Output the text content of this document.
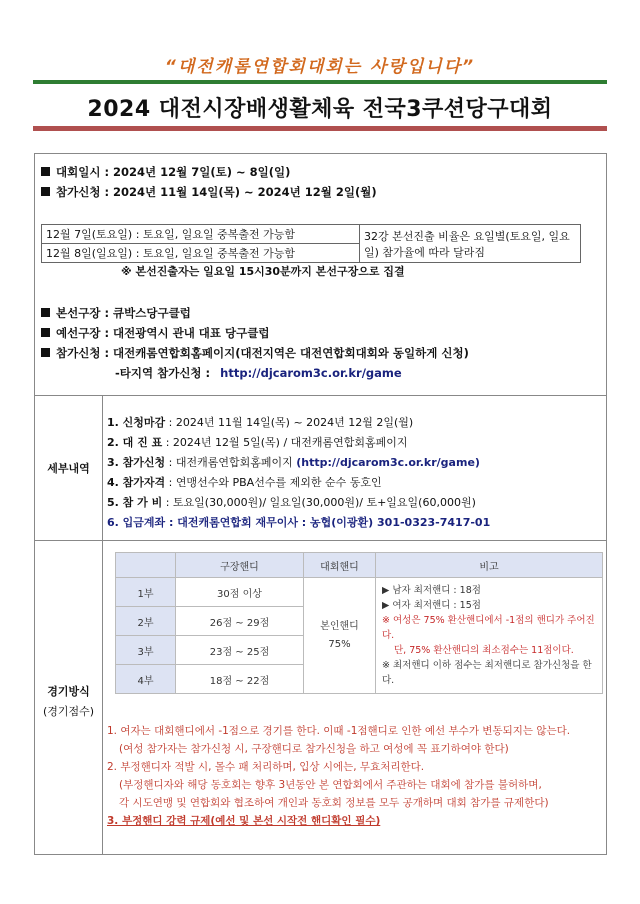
“대전캐롬연합회대회는 사랑입니다”
2024 대전시장배생활체육 전국3쿠션당구대회
대회일시 : 2024년 12월 7일(토) ~ 8일(일)
참가신청 : 2024년 11월 14일(목) ~ 2024년 12월 2일(월)
12월 7일(토요일) : 토요일, 일요일 중복출전 가능함	32강 본선진출 비율은 요일별(토요일, 일요일) 참가율에 따라 달라짐
12월 8일(일요일) : 토요일, 일요일 중복출전 가능함
※ 본선진출자는 일요일 15시30분까지 본선구장으로 집결
본선구장 : 큐박스당구클럽
예선구장 : 대전광역시 관내 대표 당구클럽
참가신청 : 대전캐롬연합회홈페이지(대전지역은 대전연합회대회와 동일하게 신청)
-타지역 참가신청 : http://djcarom3c.or.kr/game
세부내역
1. 신청마감 : 2024년 11월 14일(목) ~ 2024년 12월 2일(월)
2. 대 진 표 : 2024년 12월 5일(목) / 대전캐롬연합회홈페이지
3. 참가신청 : 대전캐롬연합회홈페이지 (http://djcarom3c.or.kr/game)
4. 참가자격 : 연맹선수와 PBA선수를 제외한 순수 동호인
5. 참 가 비 : 토요일(30,000원)/ 일요일(30,000원)/ 토+일요일(60,000원)
6. 입금계좌 : 대전캐롬연합회 재무이사 : 농협(이광환) 301-0323-7417-01
경기방식
(경기점수)
	구장핸디	대회핸디	비고
1부	30점 이상	본인핸디 75%	▶ 남자 최저핸디 : 18점
▶ 여자 최저핸디 : 15점
※ 여성은 75% 환산핸디에서 -1점의 핸디가 주어진다.
단, 75% 환산핸디의 최소점수는 11점이다.
※ 최저핸디 이하 점수는 최저핸디로 참가신청을 한다.

2부	26점 ~ 29점		
3부	23점 ~ 25점		
4부	18점 ~ 22점		
1. 여자는 대회핸디에서 -1점으로 경기를 한다. 이때 -1점핸디로 인한 예선 부수가 변동되지는 않는다.
(여성 참가자는 참가신청 시, 구장핸디로 참가신청을 하고 여성에 꼭 표기하여야 한다)
2. 부정핸디자 적발 시, 몰수 패 처리하며, 입상 시에는, 무효처리한다.
(부정핸디자와 해당 동호회는 향후 3년동안 본 연합회에서 주관하는 대회에 참가를 불허하며,
각 시도연맹 및 연합회와 협조하여 개인과 동호회 정보를 모두 공개하며 대회 참가를 규제한다)
3. 부정핸디 강력 규제(예선 및 본선 시작전 핸디확인 필수)
